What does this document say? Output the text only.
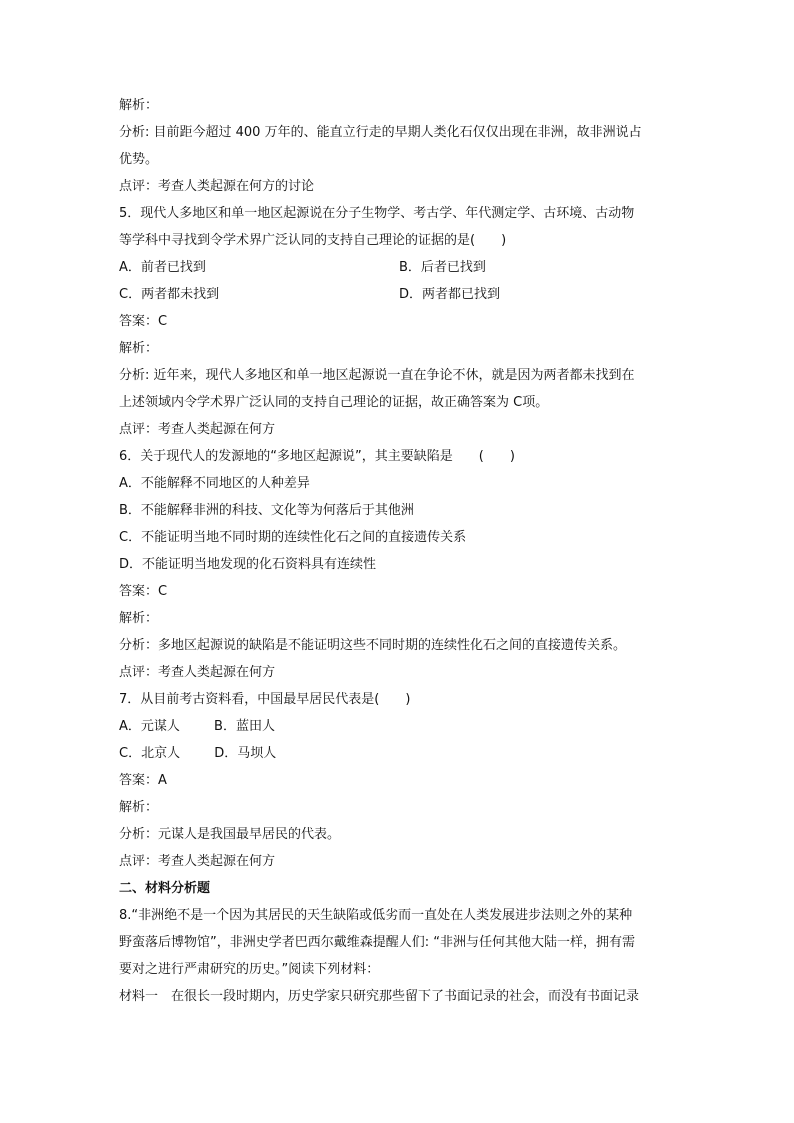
解析：
分析: 目前距今超过 400 万年的、能直立行走的早期人类化石仅仅出现在非洲，故非洲说占
优势。
点评：考查人类起源在何方的讨论
5．现代人多地区和单一地区起源说在分子生物学、考古学、年代测定学、古环境、古动物
等学科中寻找到令学术界广泛认同的支持自己理论的证据的是(　　)
A．前者已找到	B．后者已找到
C．两者都未找到	D．两者都已找到
答案：C
解析：
分析: 近年来，现代人多地区和单一地区起源说一直在争论不休，就是因为两者都未找到在
上述领域内令学术界广泛认同的支持自己理论的证据，故正确答案为 C项。
点评：考查人类起源在何方
6．关于现代人的发源地的“多地区起源说”，其主要缺陷是　　(　　)
A．不能解释不同地区的人种差异
B．不能解释非洲的科技、文化等为何落后于其他洲
C．不能证明当地不同时期的连续性化石之间的直接遗传关系
D．不能证明当地发现的化石资料具有连续性
答案：C
解析：
分析：多地区起源说的缺陷是不能证明这些不同时期的连续性化石之间的直接遗传关系。
点评：考查人类起源在何方
7．从目前考古资料看，中国最早居民代表是(　　)
A．元谋人	B．蓝田人
C．北京人	D．马坝人
答案：A
解析：
分析：元谋人是我国最早居民的代表。
点评：考查人类起源在何方
二、材料分析题
8.“非洲绝不是一个因为其居民的天生缺陷或低劣而一直处在人类发展进步法则之外的某种
野蛮落后博物馆”，非洲史学者巴西尔戴维森提醒人们: “非洲与任何其他大陆一样，拥有需
要对之进行严肃研究的历史。”阅读下列材料：
材料一　在很长一段时期内，历史学家只研究那些留下了书面记录的社会，而没有书面记录
